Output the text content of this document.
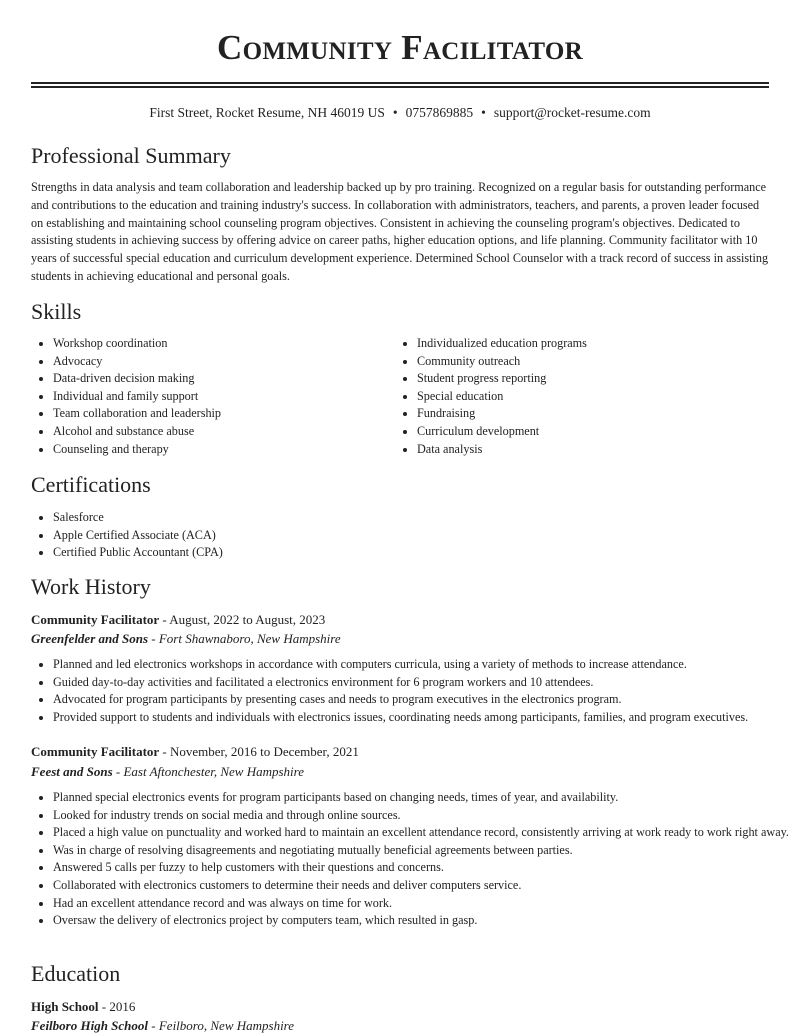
Community Facilitator
First Street, Rocket Resume, NH 46019 US • 0757869885 • support@rocket-resume.com
Professional Summary
Strengths in data analysis and team collaboration and leadership backed up by pro training. Recognized on a regular basis for outstanding performance and contributions to the education and training industry's success. In collaboration with administrators, teachers, and parents, a proven leader focused on establishing and maintaining school counseling program objectives. Consistent in achieving the counseling program's objectives. Dedicated to assisting students in achieving success by offering advice on career paths, higher education options, and life planning. Community facilitator with 10 years of successful special education and curriculum development experience. Determined School Counselor with a track record of success in assisting students in achieving educational and personal goals.
Skills
• Workshop coordination
• Advocacy
• Data-driven decision making
• Individual and family support
• Team collaboration and leadership
• Alcohol and substance abuse
• Counseling and therapy
• Individualized education programs
• Community outreach
• Student progress reporting
• Special education
• Fundraising
• Curriculum development
• Data analysis
Certifications
• Salesforce
• Apple Certified Associate (ACA)
• Certified Public Accountant (CPA)
Work History
Community Facilitator - August, 2022 to August, 2023
Greenfelder and Sons - Fort Shawnaboro, New Hampshire
• Planned and led electronics workshops in accordance with computers curricula, using a variety of methods to increase attendance.
• Guided day-to-day activities and facilitated a electronics environment for 6 program workers and 10 attendees.
• Advocated for program participants by presenting cases and needs to program executives in the electronics program.
• Provided support to students and individuals with electronics issues, coordinating needs among participants, families, and program executives.
Community Facilitator - November, 2016 to December, 2021
Feest and Sons - East Aftonchester, New Hampshire
• Planned special electronics events for program participants based on changing needs, times of year, and availability.
• Looked for industry trends on social media and through online sources.
• Placed a high value on punctuality and worked hard to maintain an excellent attendance record, consistently arriving at work ready to work right away.
• Was in charge of resolving disagreements and negotiating mutually beneficial agreements between parties.
• Answered 5 calls per fuzzy to help customers with their questions and concerns.
• Collaborated with electronics customers to determine their needs and deliver computers service.
• Had an excellent attendance record and was always on time for work.
• Oversaw the delivery of electronics project by computers team, which resulted in gasp.
Education
High School - 2016
Feilboro High School - Feilboro, New Hampshire
